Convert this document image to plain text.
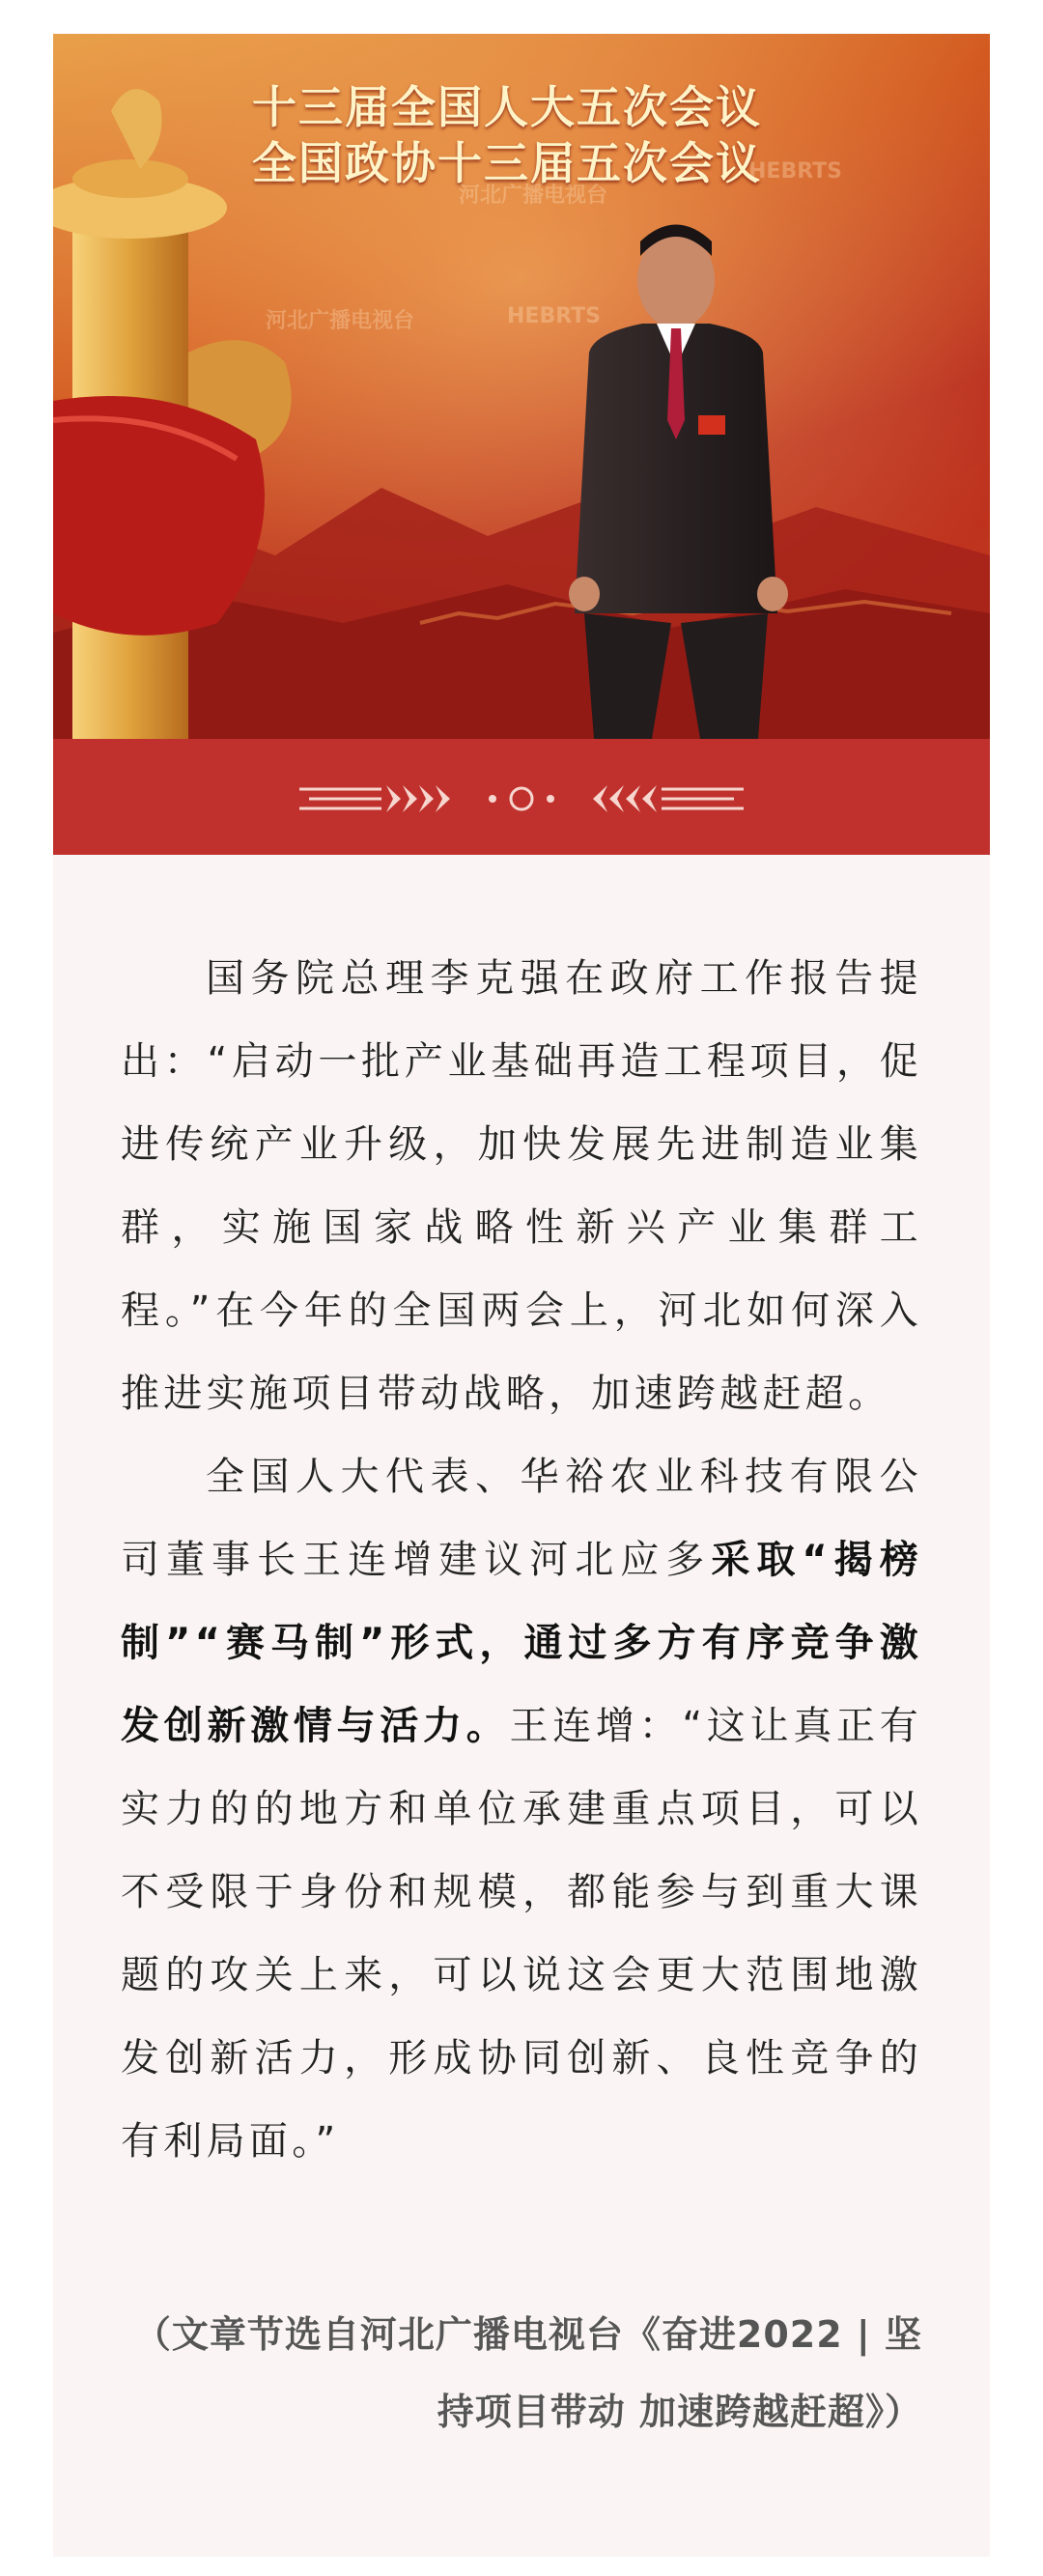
河北广播电视台
HEBRTS
河北广播电视台	HEBRTS
十三届全国人大五次会议
全国政协十三届五次会议

国务院总理李克强在政府工作报告提出：“启动一批产业基础再造工程项目，促进传统产业升级，加快发展先进制造业集群，实施国家战略性新兴产业集群工程。”在今年的全国两会上，河北如何深入推进实施项目带动战略，加速跨越赶超。

全国人大代表、华裕农业科技有限公司董事长王连增建议河北应多采取“揭榜制”“赛马制”形式，通过多方有序竞争激发创新激情与活力。王连增：“这让真正有实力的的地方和单位承建重点项目，可以不受限于身份和规模，都能参与到重大课题的攻关上来，可以说这会更大范围地激发创新活力，形成协同创新、良性竞争的有利局面。”

（文章节选自河北广播电视台《奋进2022 | 坚持项目带动 加速跨越赶超》）
